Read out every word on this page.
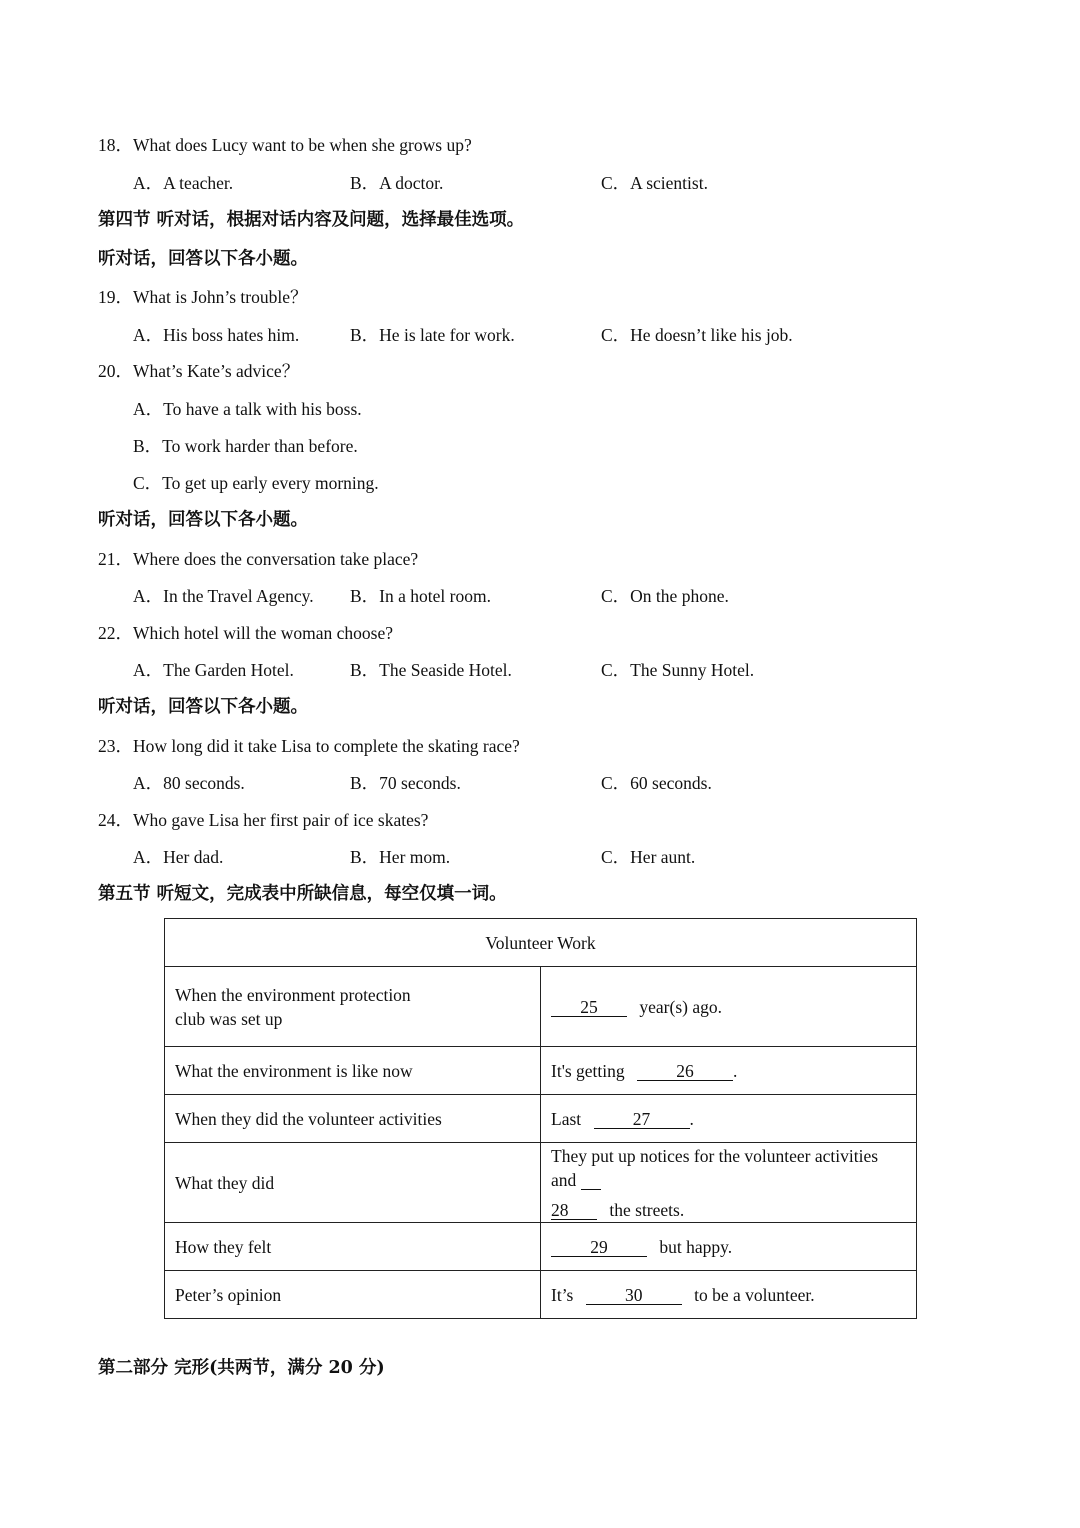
18．What does Lucy want to be when she grows up?
A．A teacher.	B．A doctor.	C．A scientist.
第四节 听对话，根据对话内容及问题，选择最佳选项。
听对话，回答以下各小题。
19．What is John’s trouble？
A．His boss hates him.	B．He is late for work.	C．He doesn’t like his job.
20．What’s Kate’s advice？
A．To have a talk with his boss.
B．To work harder than before.
C．To get up early every morning.
听对话，回答以下各小题。
21．Where does the conversation take place?
A．In the Travel Agency. B．In a hotel room.	C．On the phone.
22．Which hotel will the woman choose?
A．The Garden Hotel.	B．The Seaside Hotel.	C．The Sunny Hotel.
听对话，回答以下各小题。
23．How long did it take Lisa to complete the skating race?
A．80 seconds.	B．70 seconds.	C．60 seconds.
24．Who gave Lisa her first pair of ice skates?
A．Her dad.	B．Her mom.	C．Her aunt.
第五节 听短文，完成表中所缺信息，每空仅填一词。
Volunteer Work	

When the environment protection
club was set up	25 year(s) ago.
What the environment is like now	It's getting 26 .
When they did the volunteer activities	Last 27 .
What they did	They put up notices for the volunteer activities and
28 the streets.

How they felt	29 but happy.
Peter’s opinion	It’s 30 to be a volunteer.
第二部分 完形(共两节，满分 20 分)
